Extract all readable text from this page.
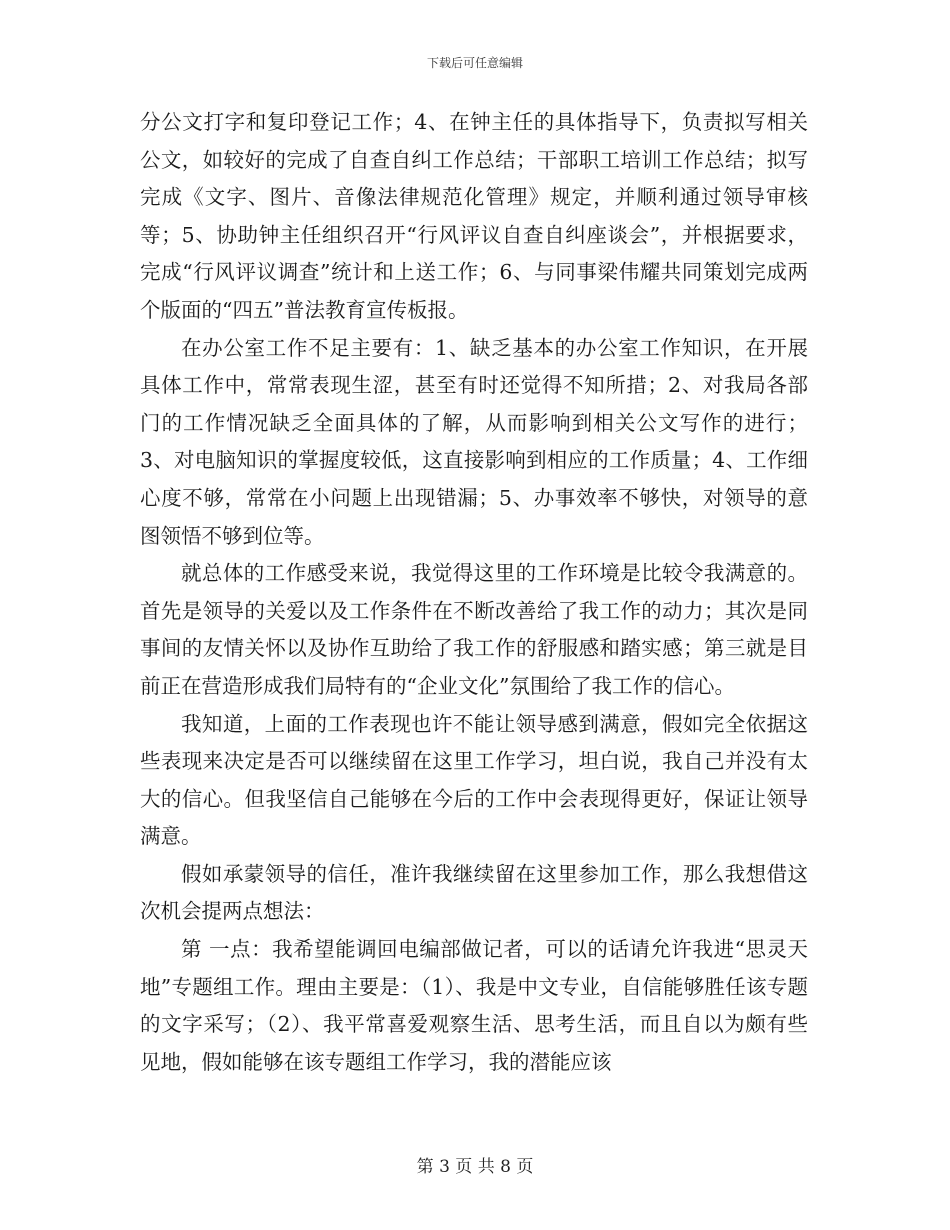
下载后可任意编辑

分公文打字和复印登记工作；4、在钟主任的具体指导下，负责拟写相关公文，如较好的完成了自查自纠工作总结；干部职工培训工作总结；拟写完成《文字、图片、音像法律规范化管理》规定，并顺利通过领导审核等；5、协助钟主任组织召开“行风评议自查自纠座谈会”，并根据要求，完成“行风评议调查”统计和上送工作；6、与同事梁伟耀共同策划完成两个版面的“四五”普法教育宣传板报。

在办公室工作不足主要有：1、缺乏基本的办公室工作知识，在开展具体工作中，常常表现生涩，甚至有时还觉得不知所措；2、对我局各部门的工作情况缺乏全面具体的了解，从而影响到相关公文写作的进行；3、对电脑知识的掌握度较低，这直接影响到相应的工作质量；4、工作细心度不够，常常在小问题上出现错漏；5、办事效率不够快，对领导的意图领悟不够到位等。

就总体的工作感受来说，我觉得这里的工作环境是比较令我满意的。首先是领导的关爱以及工作条件在不断改善给了我工作的动力；其次是同事间的友情关怀以及协作互助给了我工作的舒服感和踏实感；第三就是目前正在营造形成我们局特有的“企业文化”氛围给了我工作的信心。

我知道，上面的工作表现也许不能让领导感到满意，假如完全依据这些表现来决定是否可以继续留在这里工作学习，坦白说，我自己并没有太大的信心。但我坚信自己能够在今后的工作中会表现得更好，保证让领导满意。

假如承蒙领导的信任，准许我继续留在这里参加工作，那么我想借这次机会提两点想法：

第 一点：我希望能调回电编部做记者，可以的话请允许我进“思灵天地”专题组工作。理由主要是：（1）、我是中文专业，自信能够胜任该专题的文字采写；（2）、我平常喜爱观察生活、思考生活，而且自以为颇有些见地，假如能够在该专题组工作学习，我的潜能应该

第 3 页 共 8 页
